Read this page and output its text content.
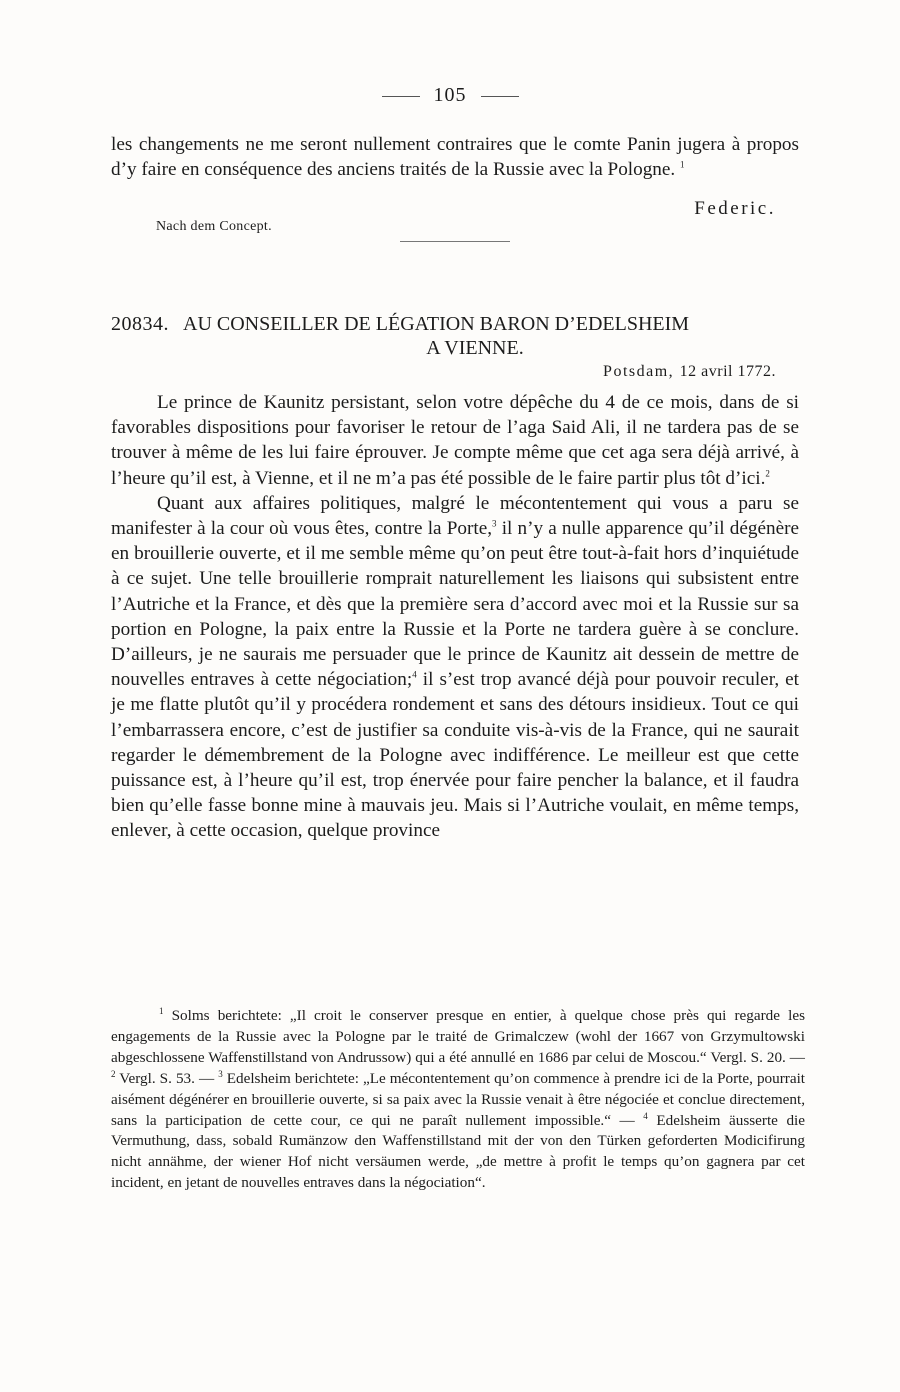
105

les changements ne me seront nullement contraires que le comte Panin jugera à propos d’y faire en conséquence des anciens traités de la Russie avec la Pologne. $^1$

Federic.
Nach dem Concept.
20834. AU CONSEILLER DE LÉGATION BARON D’EDELSHEIM
A VIENNE.
Potsdam, 12 avril 1772.

Le prince de Kaunitz persistant, selon votre dépêche du 4 de ce mois, dans de si favorables dispositions pour favoriser le retour de l’aga Said Ali, il ne tardera pas de se trouver à même de les lui faire éprouver. Je compte même que cet aga sera déjà arrivé, à l’heure qu’il est, à Vienne, et il ne m’a pas été possible de le faire partir plus tôt d’ici.$^2$

Quant aux affaires politiques, malgré le mécontentement qui vous a paru se manifester à la cour où vous êtes, contre la Porte,$^3$ il n’y a nulle apparence qu’il dégénère en brouillerie ouverte, et il me semble même qu’on peut être tout-à-fait hors d’inquiétude à ce sujet. Une telle brouillerie romprait naturellement les liaisons qui subsistent entre l’Autriche et la France, et dès que la première sera d’accord avec moi et la Russie sur sa portion en Pologne, la paix entre la Russie et la Porte ne tardera guère à se conclure. D’ailleurs, je ne saurais me persuader que le prince de Kaunitz ait dessein de mettre de nouvelles entraves à cette négociation;$^4$ il s’est trop avancé déjà pour pouvoir reculer, et je me flatte plutôt qu’il y procédera rondement et sans des détours insidieux. Tout ce qui l’embarrassera encore, c’est de justifier sa conduite vis-à-vis de la France, qui ne saurait regarder le démembrement de la Pologne avec indifférence. Le meilleur est que cette puissance est, à l’heure qu’il est, trop énervée pour faire pencher la balance, et il faudra bien qu’elle fasse bonne mine à mauvais jeu. Mais si l’Autriche voulait, en même temps, enlever, à cette occasion, quelque province

$^1$ Solms berichtete: „Il croit le conserver presque en entier, à quelque chose près qui regarde les engagements de la Russie avec la Pologne par le traité de Grimalczew (wohl der 1667 von Grzymultowski abgeschlossene Waffenstillstand von Andrussow) qui a été annullé en 1686 par celui de Moscou.“ Vergl. S. 20. — $^2$ Vergl. S. 53. — $^3$ Edelsheim berichtete: „Le mécontentement qu’on commence à prendre ici de la Porte, pourrait aisément dégénérer en brouillerie ouverte, si sa paix avec la Russie venait à être négociée et conclue directement, sans la participation de cette cour, ce qui ne paraît nullement impossible.“ — $^4$ Edelsheim äusserte die Vermuthung, dass, sobald Rumänzow den Waffenstillstand mit der von den Türken geforderten Modicifirung nicht annähme, der wiener Hof nicht versäumen werde, „de mettre à profit le temps qu’on gagnera par cet incident, en jetant de nouvelles entraves dans la négociation“.
